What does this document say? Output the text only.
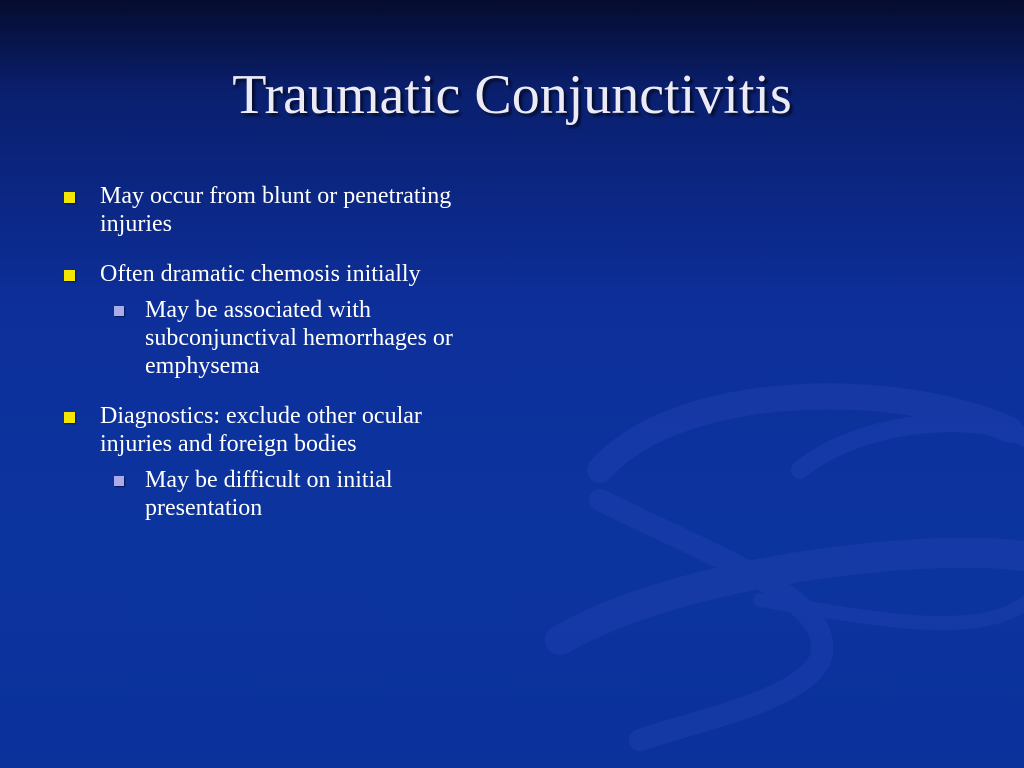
Traumatic Conjunctivitis
May occur from blunt or penetrating injuries
Often dramatic chemosis initially
May be associated with subconjunctival hemorrhages or emphysema
Diagnostics: exclude other ocular injuries and foreign bodies
May be difficult on initial presentation
